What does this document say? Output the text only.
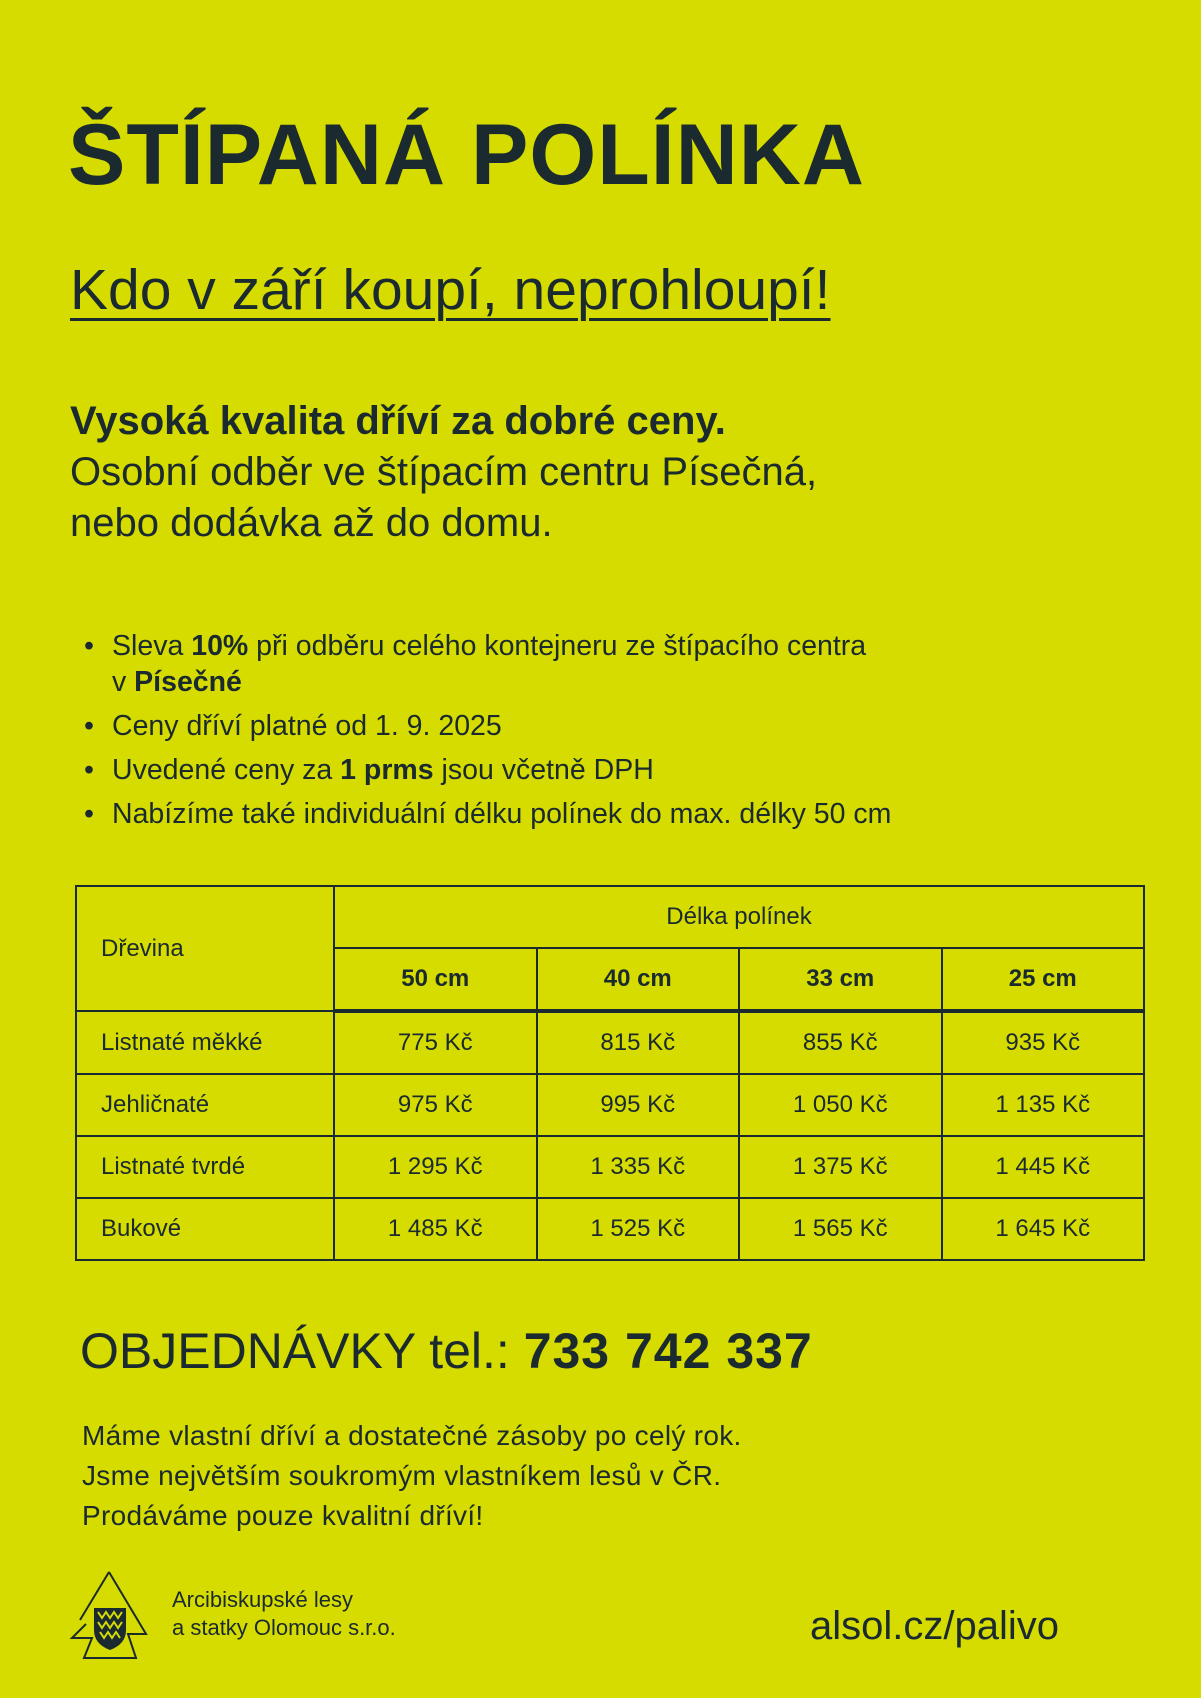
ŠTÍPANÁ POLÍNKA
Kdo v září koupí, neprohloupí!
Vysoká kvalita dříví za dobré ceny.
Osobní odběr ve štípacím centru Písečná,
nebo dodávka až do domu.
• Sleva 10% při odběru celého kontejneru ze štípacího centra
v Písečné
• Ceny dříví platné od 1. 9. 2025
• Uvedené ceny za 1 prms jsou včetně DPH
• Nabízíme také individuální délku polínek do max. délky 50 cm
Dřevina	Délka polínek			
	50 cm	40 cm	33 cm	25 cm
Listnaté měkké	775 Kč	815 Kč	855 Kč	935 Kč
Jehličnaté	975 Kč	995 Kč	1 050 Kč	1 135 Kč
Listnaté tvrdé	1 295 Kč	1 335 Kč	1 375 Kč	1 445 Kč
Bukové	1 485 Kč	1 525 Kč	1 565 Kč	1 645 Kč
OBJEDNÁVKY tel.: 733 742 337
Máme vlastní dříví a dostatečné zásoby po celý rok.
Jsme největším soukromým vlastníkem lesů v ČR.
Prodáváme pouze kvalitní dříví!
Arcibiskupské lesy
a statky Olomouc s.r.o.	alsol.cz/palivo
